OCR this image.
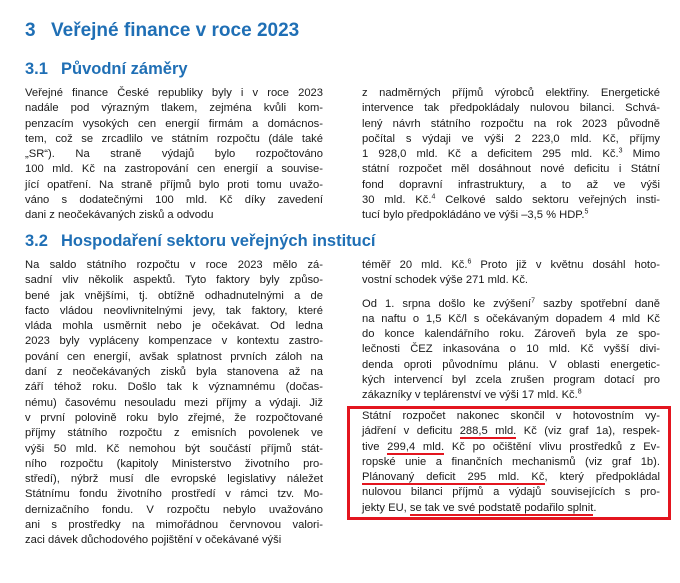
3 Veřejné finance v roce 2023
3.1 Původní záměry
Veřejné finance České republiky byly i v roce 2023
nadále pod výrazným tlakem, zejména kvůli kom-
penzacím vysokých cen energií firmám a domácnos-
tem, což se zrcadlilo ve státním rozpočtu (dále také
„SR“). Na straně výdajů bylo rozpočtováno
100 mld. Kč na zastropování cen energií a souvise-
jící opatření. Na straně příjmů bylo proti tomu uvažo-
váno s dodatečnými 100 mld. Kč díky zavedení
dani z neočekávaných zisků a odvodu
z nadměrných příjmů výrobců elektřiny. Energetické
intervence tak předpokládaly nulovou bilanci. Schvá-
lený návrh státního rozpočtu na rok 2023 původně
počítal s výdaji ve výši 2 223,0 mld. Kč, příjmy
1 928,0 mld. Kč a deficitem 295 mld. Kč.$^3$ Mimo
státní rozpočet měl dosáhnout nové deficitu i Státní
fond dopravní infrastruktury, a to až ve výši
30 mld. Kč.$^4$ Celkové saldo sektoru veřejných insti-
tucí bylo předpokládáno ve výši –3,5 % HDP.$^5$
3.2 Hospodaření sektoru veřejných institucí
Na saldo státního rozpočtu v roce 2023 mělo zá-
sadní vliv několik aspektů. Tyto faktory byly způso-
bené jak vnějšími, tj. obtížně odhadnutelnými a de
facto vládou neovlivnitelnými jevy, tak faktory, které
vláda mohla usměrnit nebo je očekávat. Od ledna
2023 byly vypláceny kompenzace v kontextu zastro-
pování cen energií, avšak splatnost prvních záloh na
daní z neočekávaných zisků byla stanovena až na
září téhož roku. Došlo tak k významnému (dočas-
nému) časovému nesouladu mezi příjmy a výdaji. Již
v první polovině roku bylo zřejmé, že rozpočtované
příjmy státního rozpočtu z emisních povolenek ve
výši 50 mld. Kč nemohou být součástí příjmů stát-
ního rozpočtu (kapitoly Ministerstvo životního pro-
středí), nýbrž musí dle evropské legislativy náležet
Státnímu fondu životního prostředí v rámci tzv. Mo-
dernizačního fondu. V rozpočtu nebylo uvažováno
ani s prostředky na mimořádnou červnovou valori-
zaci dávek důchodového pojištění v očekávané výši
téměř 20 mld. Kč.$^6$ Proto již v květnu dosáhl hoto-
vostní schodek výše 271 mld. Kč.
Od 1. srpna došlo ke zvýšení$^7$ sazby spotřební daně
na naftu o 1,5 Kč/l s očekávaným dopadem 4 mld Kč
do konce kalendářního roku. Zároveň byla ze spo-
lečnosti ČEZ inkasována o 10 mld. Kč vyšší divi-
denda oproti původnímu plánu. V oblasti energetic-
kých intervencí byl zcela zrušen program dotací pro
zákazníky v teplárenství ve výši 17 mld. Kč.$^8$
Státní rozpočet nakonec skončil v hotovostním vy-
jádření v deficitu 288,5 mld. Kč (viz graf 1a), respek-
tive 299,4 mld. Kč po očištění vlivu prostředků z Ev-
ropské unie a finančních mechanismů (viz graf 1b).
Plánovaný deficit 295 mld. Kč, který předpokládal
nulovou bilanci příjmů a výdajů souvisejících s pro-
jekty EU, se tak ve své podstatě podařilo splnit.
